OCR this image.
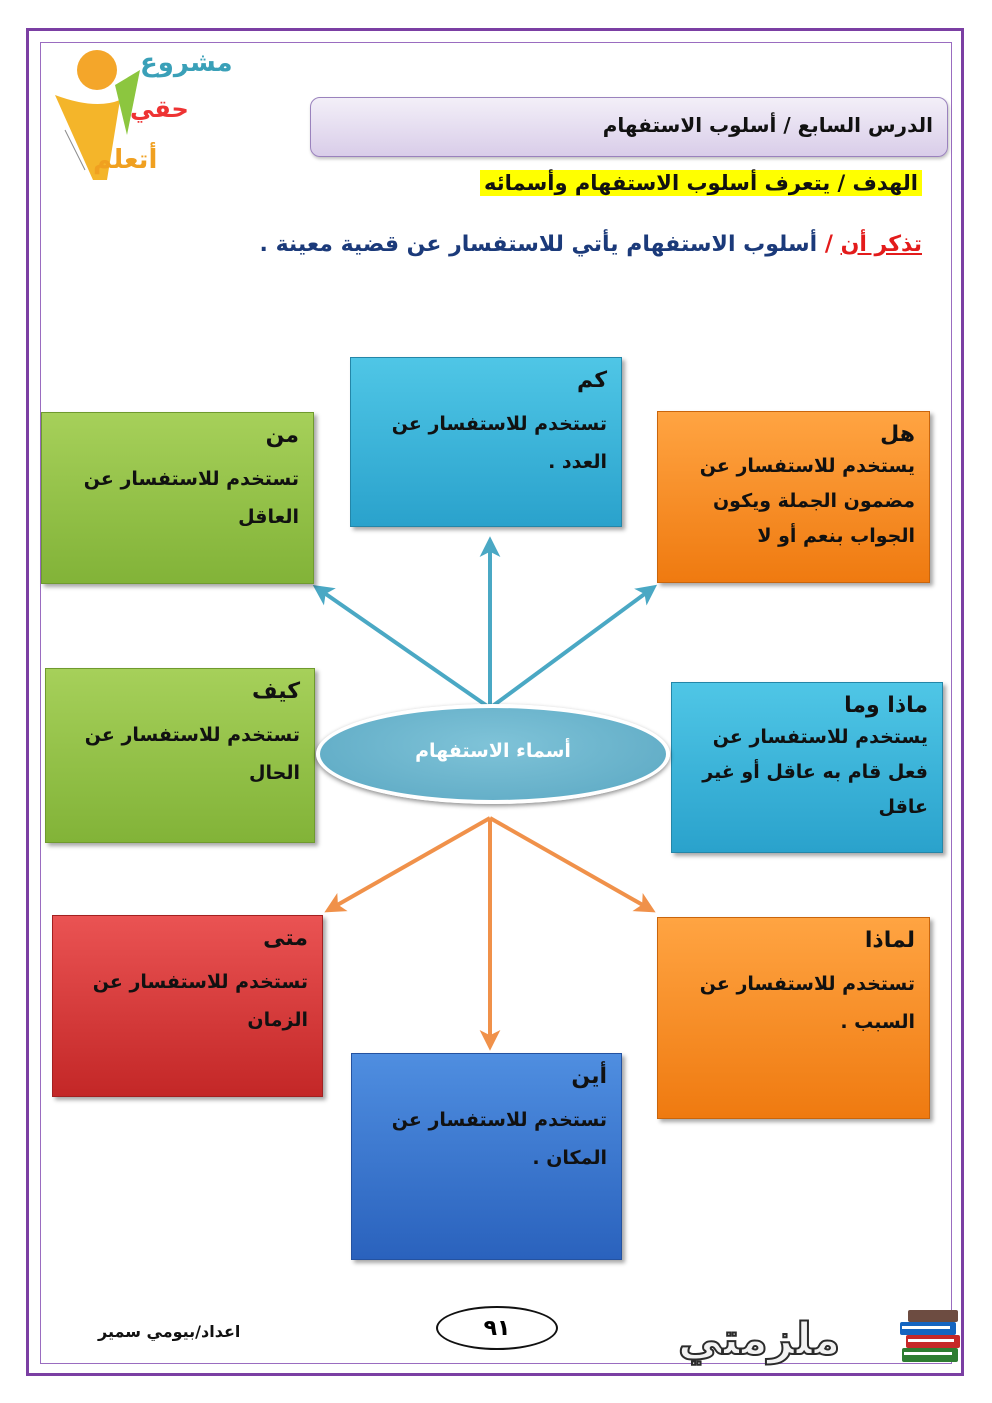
مشروع
حقي
أتعلم
الدرس السابع / أسلوب الاستفهام
الهدف / يتعرف أسلوب الاستفهام وأسمائه
تذكر أن / أسلوب الاستفهام يأتي للاستفسار عن قضية معينة .
كم
تستخدم للاستفسار عن العدد .
من
تستخدم للاستفسار عن العاقل
هل
يستخدم للاستفسار عن مضمون الجملة ويكون الجواب بنعم أو لا
كيف
تستخدم للاستفسار عن الحال
ماذا وما
يستخدم للاستفسار عن فعل قام به عاقل أو غير عاقل
أسماء الاستفهام
متى
تستخدم للاستفسار عن الزمان
لماذا
تستخدم للاستفسار عن السبب .
أين
تستخدم للاستفسار عن المكان .
اعداد/بيومي سمير	٩١	ملزمتي
